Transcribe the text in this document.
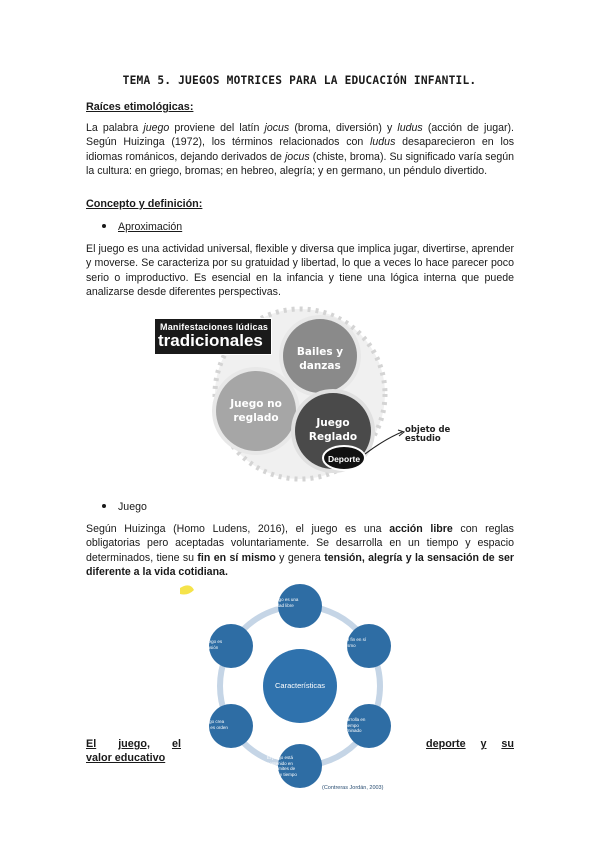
TEMA 5. JUEGOS MOTRICES PARA LA EDUCACIÓN INFANTIL.
Raíces etimológicas:
La palabra juego proviene del latín jocus (broma, diversión) y ludus (acción de jugar). Según Huizinga (1972), los términos relacionados con ludus desaparecieron en los idiomas románicos, dejando derivados de jocus (chiste, broma). Su significado varía según la cultura: en griego, bromas; en hebreo, alegría; y en germano, un péndulo divertido.
Concepto y definición:
Aproximación
El juego es una actividad universal, flexible y diversa que implica jugar, divertirse, aprender y moverse. Se caracteriza por su gratuidad y libertad, lo que a veces lo hace parecer poco serio o improductivo. Es esencial en la infancia y tiene una lógica interna que puede analizarse desde diferentes perspectivas.
Manifestaciones lúdicas
tradicionales
Bailes y danzas
Juego no reglado	Juego Reglado
Deporte
objeto de estudio
Juego
Según Huizinga (Homo Ludens, 2016), el juego es una acción libre con reglas obligatorias pero aceptadas voluntariamente. Se desarrolla en un tiempo y espacio determinados, tiene su fin en sí mismo y genera tensión, alegría y la sensación de ser diferente a la vida cotidiana.
Características
Todo juego es una actividad libre
Tiene un fin en sí mismo
Se desarrolla en un tiempo determinado
El juego está contenido en unos límites de espacio y tiempo
El juego crea orden y es orden
El juego es tensión
(Contreras Jordán, 2003)
El juego, el	deporte y su
valor educativo
